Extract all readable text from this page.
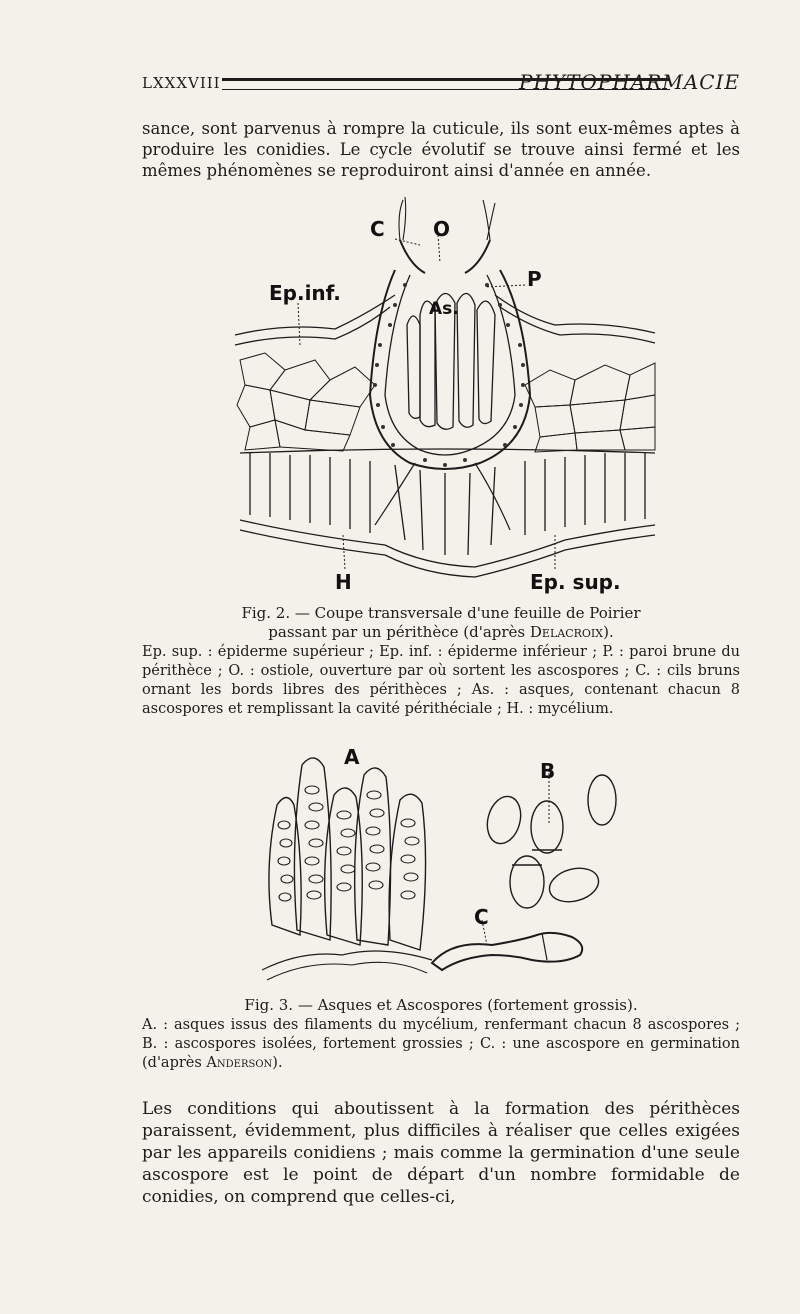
LXXXVIII	PHYTOPHARMACIE
sance, sont parvenus à rompre la cuticule, ils sont eux-mêmes aptes à produire les conidies. Le cycle évolutif se trouve ainsi fermé et les mêmes phénomènes se reproduiront ainsi d'année en année.
C O
P
Ep.inf.
As.
H	Ep. sup.
Fig. 2. — Coupe transversale d'une feuille de Poirier
passant par un périthèce (d'après Delacroix).
Ep. sup. : épiderme supérieur ; Ep. inf. : épiderme inférieur ; P. : paroi brune du périthèce ; O. : ostiole, ouverture par où sortent les ascospores ; C. : cils bruns ornant les bords libres des périthèces ; As. : asques, contenant chacun 8 ascospores et remplissant la cavité périthéciale ; H. : mycélium.
A
B
C
Fig. 3. — Asques et Ascospores (fortement grossis).
A. : asques issus des filaments du mycélium, renfermant chacun 8 ascospores ; B. : ascospores isolées, fortement grossies ; C. : une ascospore en germination (d'après Anderson).
Les conditions qui aboutissent à la formation des périthèces paraissent, évidemment, plus difficiles à réaliser que celles exigées par les appareils conidiens ; mais comme la germination d'une seule ascospore est le point de départ d'un nombre formidable de conidies, on comprend que celles-ci,
